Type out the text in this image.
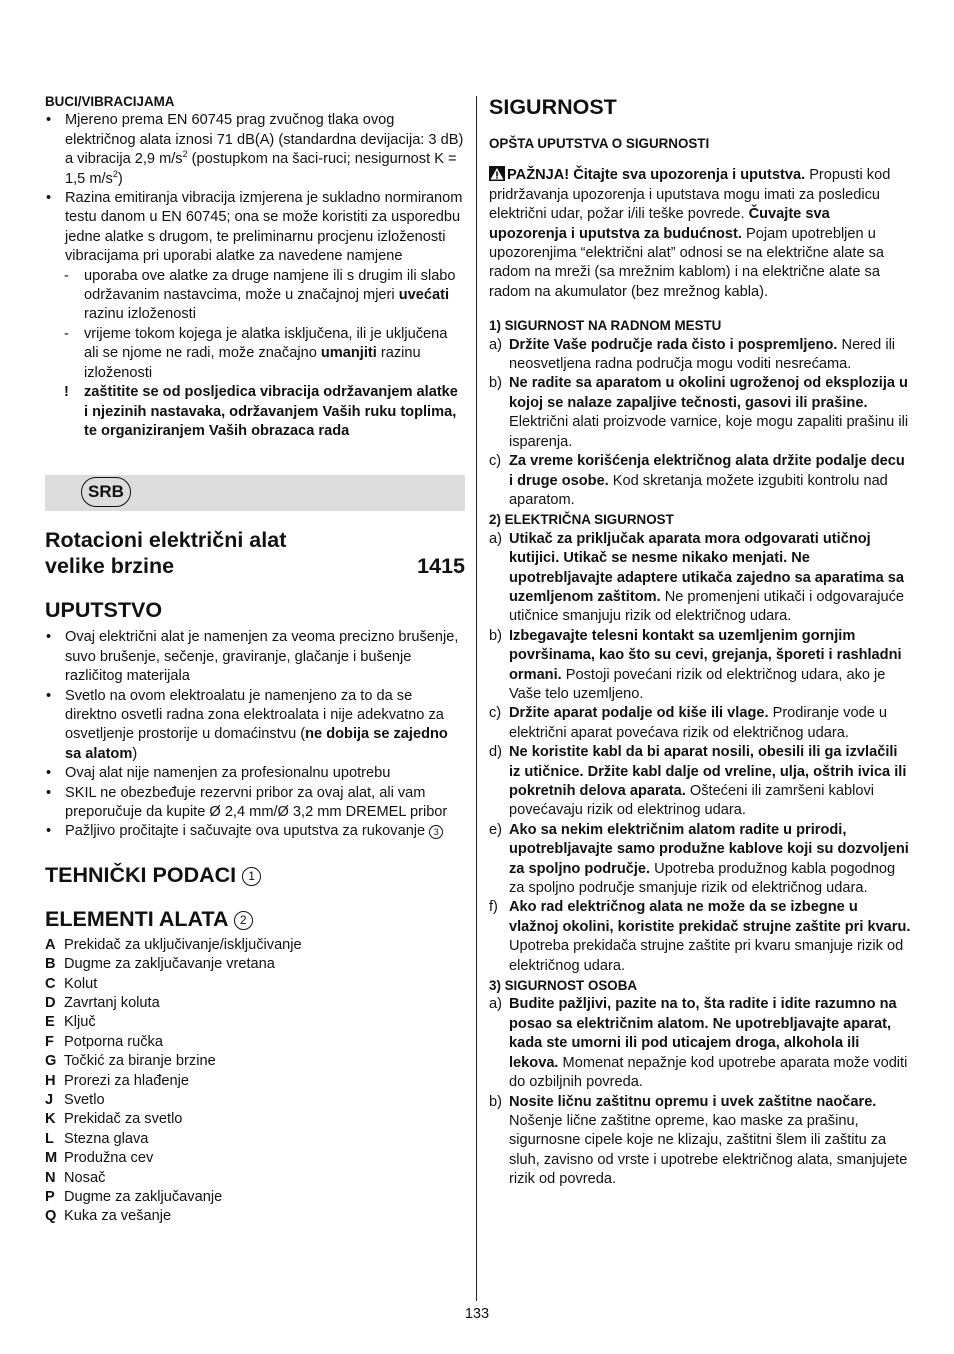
BUCI/VIBRACIJAMA

• Mjereno prema EN 60745 prag zvučnog tlaka ovog električnog alata iznosi 71 dB(A) (standardna devijacija: 3 dB) a vibracija 2,9 $m/s^2$ (postupkom na šaci-ruci; nesigurnost K = 1,5 $m/s^2$)
• Razina emitiranja vibracija izmjerena je sukladno normiranom testu danom u EN 60745; ona se može koristiti za usporedbu jedne alatke s drugom, te preliminarnu procjenu izloženosti vibracijama pri uporabi alatke za navedene namjene
- uporaba ove alatke za druge namjene ili s drugim ili slabo održavanim nastavcima, može u značajnoj mjeri uvećati razinu izloženosti
- vrijeme tokom kojega je alatka isključena, ili je uključena ali se njome ne radi, može značajno umanjiti razinu izloženosti
! zaštitite se od posljedica vibracija održavanjem alatke i njezinih nastavaka, održavanjem Vaših ruku toplima, te organiziranjem Vaših obrazaca rada
SRB
Rotacioni električni alat
velike brzine	1415
UPUTSTVO
• Ovaj električni alat je namenjen za veoma precizno brušenje, suvo brušenje, sečenje, graviranje, glačanje i bušenje različitog materijala
• Svetlo na ovom elektroalatu je namenjeno za to da se direktno osvetli radna zona elektroalata i nije adekvatno za osvetljenje prostorije u domaćinstvu (ne dobija se zajedno sa alatom)
• Ovaj alat nije namenjen za profesionalnu upotrebu
• SKIL ne obezbeđuje rezervni pribor za ovaj alat, ali vam preporučuje da kupite Ø 2,4 mm/Ø 3,2 mm DREMEL pribor
• Pažljivo pročitajte i sačuvajte ova uputstva za rukovanje 3
TEHNIČKI PODACI 1
ELEMENTI ALATA 2
A Prekidač za uključivanje/isključivanje
B Dugme za zaključavanje vretana
C Kolut
D Zavrtanj koluta
E Ključ
F Potporna ručka
G Točkić za biranje brzine
H Prorezi za hlađenje
J Svetlo
K Prekidač za svetlo
L Stezna glava
M Produžna cev
N Nosač
P Dugme za zaključavanje
Q Kuka za vešanje
SIGURNOST

OPŠTA UPUTSTVA O SIGURNOSTI

PAŽNJA! Čitajte sva upozorenja i uputstva. Propusti kod pridržavanja upozorenja i uputstava mogu imati za posledicu električni udar, požar i/ili teške povrede. Čuvajte sva upozorenja i uputstva za budućnost. Pojam upotrebljen u upozorenjima “električni alat” odnosi se na električne alate sa radom na mreži (sa mrežnim kablom) i na električne alate sa radom na akumulator (bez mrežnog kabla).
1) SIGURNOST NA RADNOM MESTU
a) Držite Vaše područje rada čisto i pospremljeno. Nered ili neosvetljena radna područja mogu voditi nesrećama.
b) Ne radite sa aparatom u okolini ugroženoj od eksplozija u kojoj se nalaze zapaljive tečnosti, gasovi ili prašine. Električni alati proizvode varnice, koje mogu zapaliti prašinu ili isparenja.
c) Za vreme korišćenja električnog alata držite podalje decu i druge osobe. Kod skretanja možete izgubiti kontrolu nad aparatom.
2) ELEKTRIČNA SIGURNOST
a) Utikač za priključak aparata mora odgovarati utičnoj kutijici. Utikač se nesme nikako menjati. Ne upotrebljavajte adaptere utikača zajedno sa aparatima sa uzemljenom zaštitom. Ne promenjeni utikači i odgovarajuće utičnice smanjuju rizik od električnog udara.
b) Izbegavajte telesni kontakt sa uzemljenim gornjim površinama, kao što su cevi, grejanja, šporeti i rashladni ormani. Postoji povećani rizik od električnog udara, ako je Vaše telo uzemljeno.
c) Držite aparat podalje od kiše ili vlage. Prodiranje vode u električni aparat povećava rizik od električnog udara.
d) Ne koristite kabl da bi aparat nosili, obesili ili ga izvlačili iz utičnice. Držite kabl dalje od vreline, ulja, oštrih ivica ili pokretnih delova aparata. Oštećeni ili zamršeni kablovi povećavaju rizik od elektrinog udara.
e) Ako sa nekim električnim alatom radite u prirodi, upotrebljavajte samo produžne kablove koji su dozvoljeni za spoljno područje. Upotreba produžnog kabla pogodnog za spoljno područje smanjuje rizik od električnog udara.
f) Ako rad električnog alata ne može da se izbegne u vlažnoj okolini, koristite prekidač strujne zaštite pri kvaru. Upotreba prekidača strujne zaštite pri kvaru smanjuje rizik od električnog udara.
3) SIGURNOST OSOBA
a) Budite pažljivi, pazite na to, šta radite i idite razumno na posao sa električnim alatom. Ne upotrebljavajte aparat, kada ste umorni ili pod uticajem droga, alkohola ili lekova. Momenat nepažnje kod upotrebe aparata može voditi do ozbiljnih povreda.
b) Nosite ličnu zaštitnu opremu i uvek zaštitne naočare. Nošenje lične zaštitne opreme, kao maske za prašinu, sigurnosne cipele koje ne klizaju, zaštitni šlem ili zaštitu za sluh, zavisno od vrste i upotrebe električnog alata, smanjujete rizik od povreda.
133
